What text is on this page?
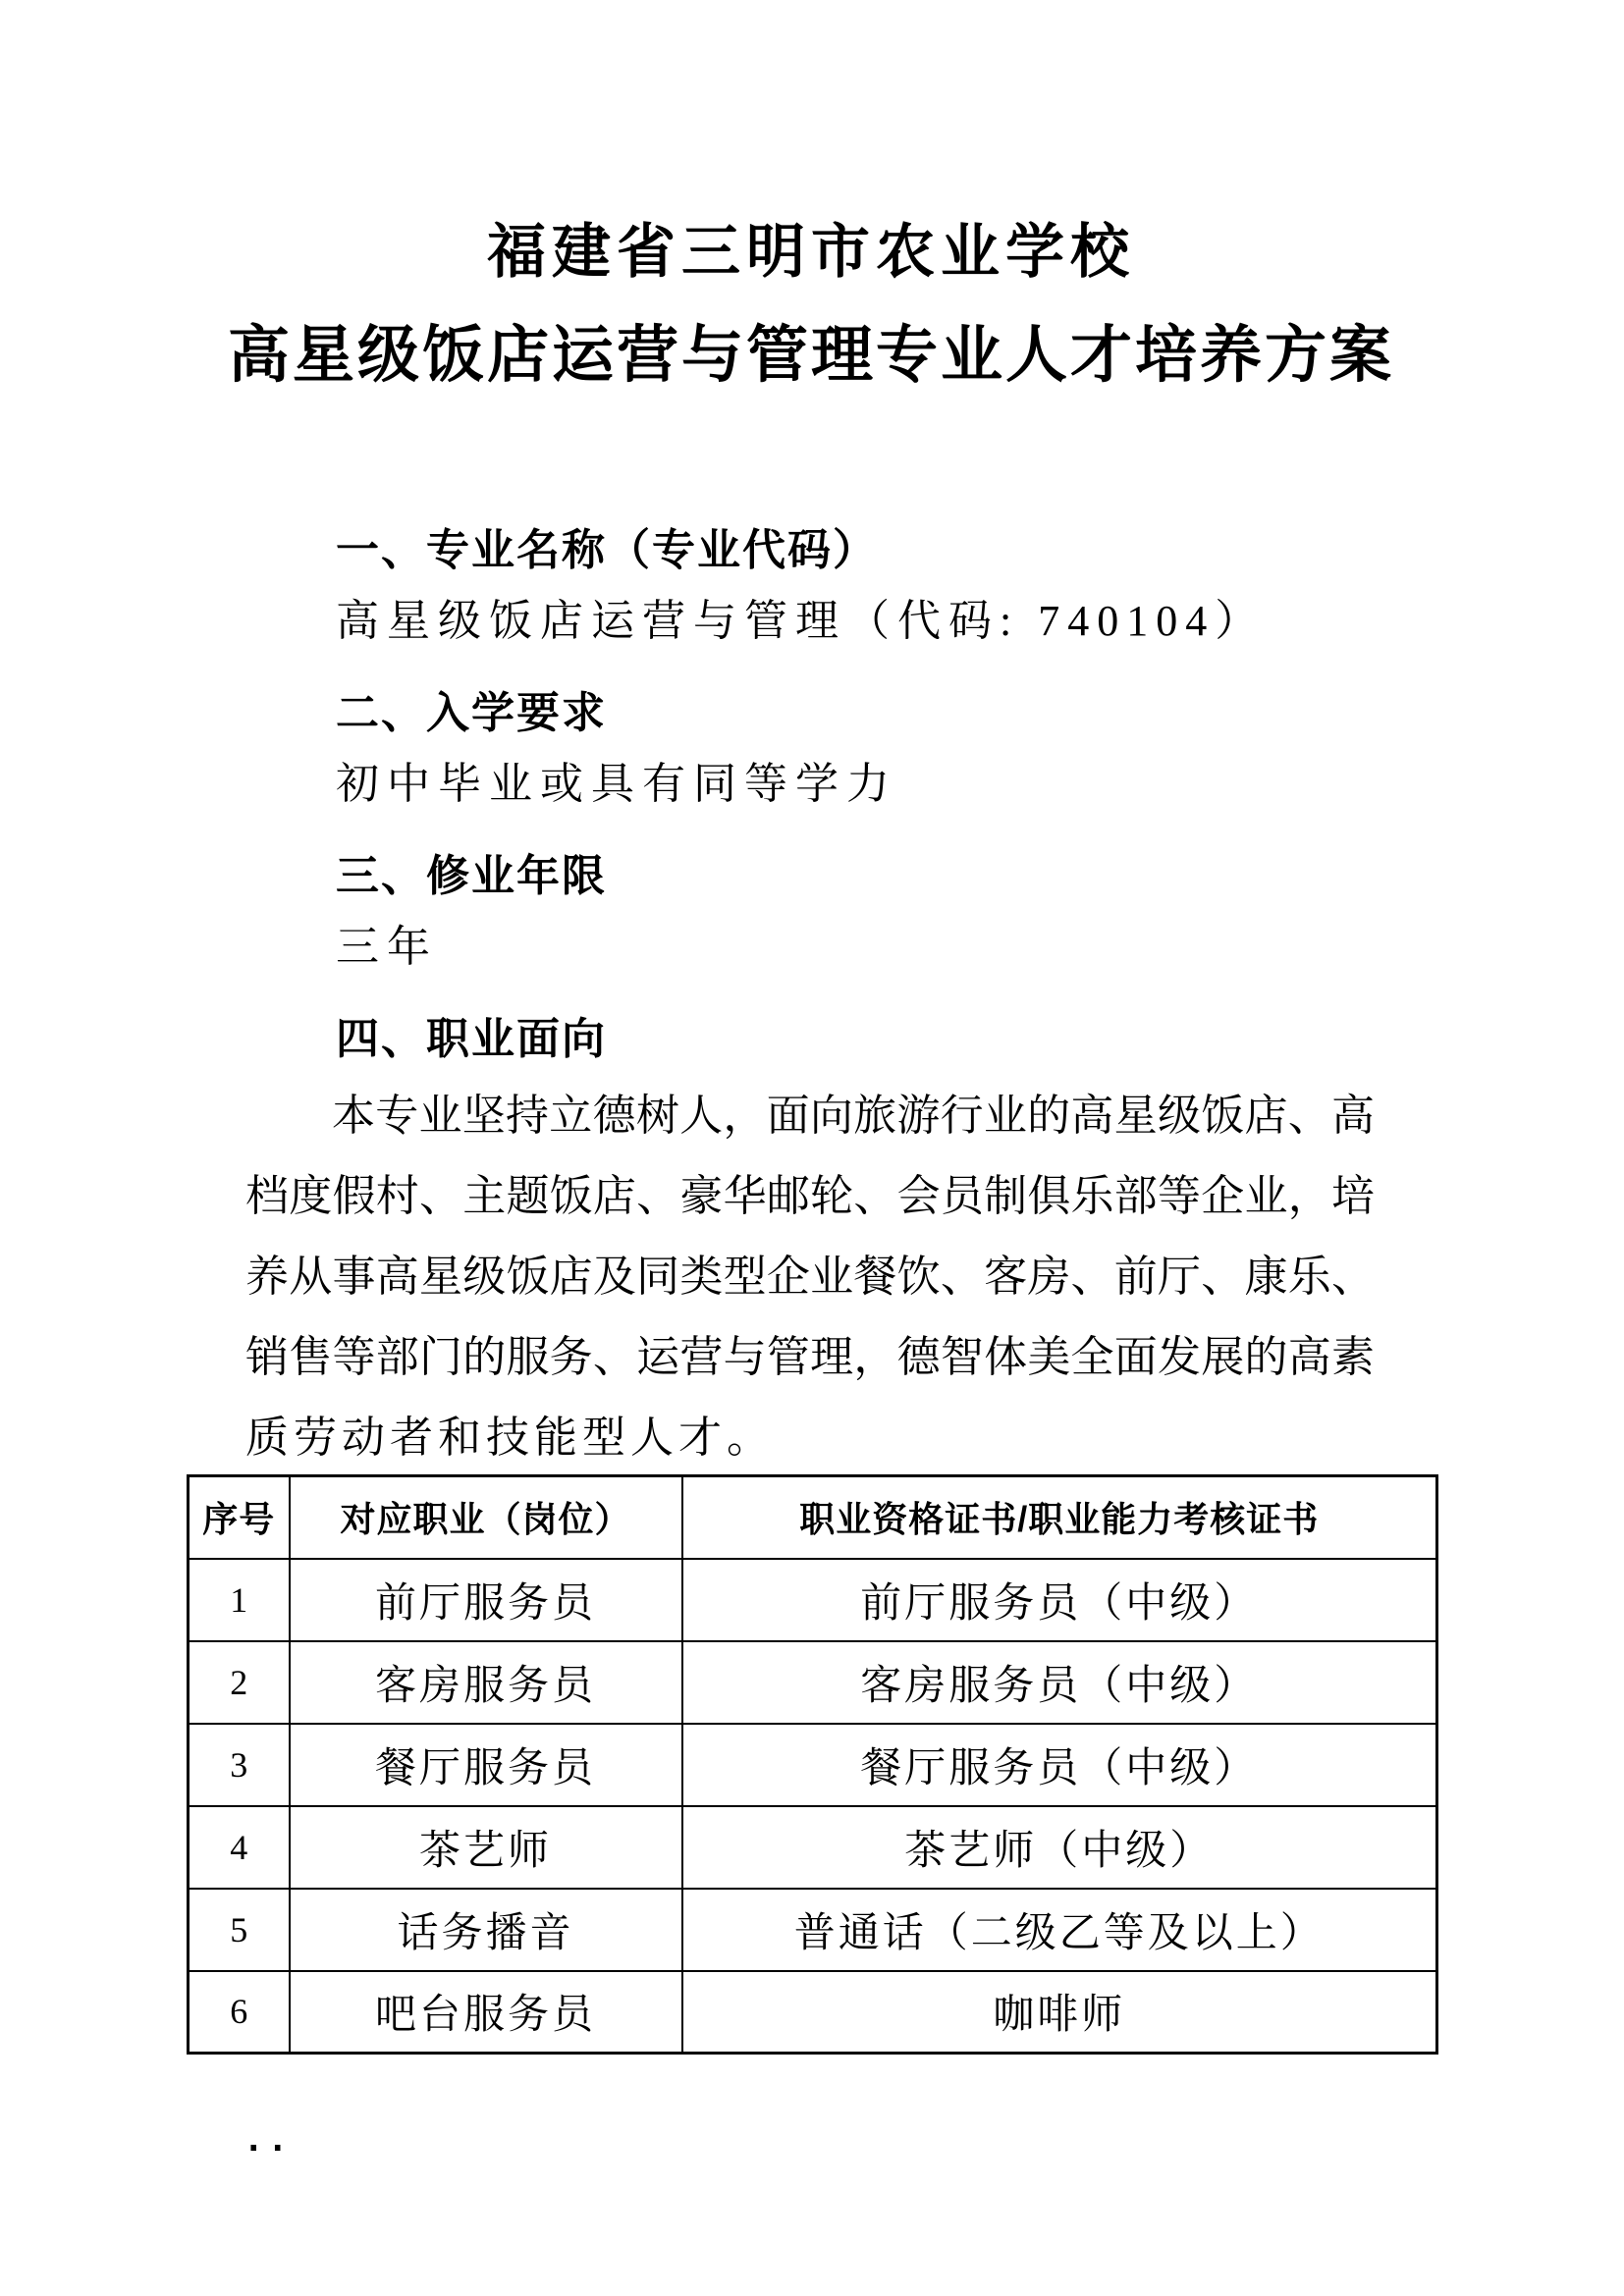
福建省三明市农业学校
高星级饭店运营与管理专业人才培养方案
一、专业名称（专业代码）
高星级饭店运营与管理（代码: 740104）
二、入学要求
初中毕业或具有同等学力
三、修业年限
三年
四、职业面向
本专业坚持立德树人，面向旅游行业的高星级饭店、高
档度假村、主题饭店、豪华邮轮、会员制俱乐部等企业，培
养从事高星级饭店及同类型企业餐饮、客房、前厅、康乐、
销售等部门的服务、运营与管理，德智体美全面发展的高素
质劳动者和技能型人才。
序号	对应职业（岗位）	职业资格证书/职业能力考核证书
1	前厅服务员	前厅服务员（中级）
2	客房服务员	客房服务员（中级）
3	餐厅服务员	餐厅服务员（中级）
4	茶艺师	茶艺师（中级）
5	话务播音	普通话（二级乙等及以上）
6	吧台服务员	咖啡师
..
